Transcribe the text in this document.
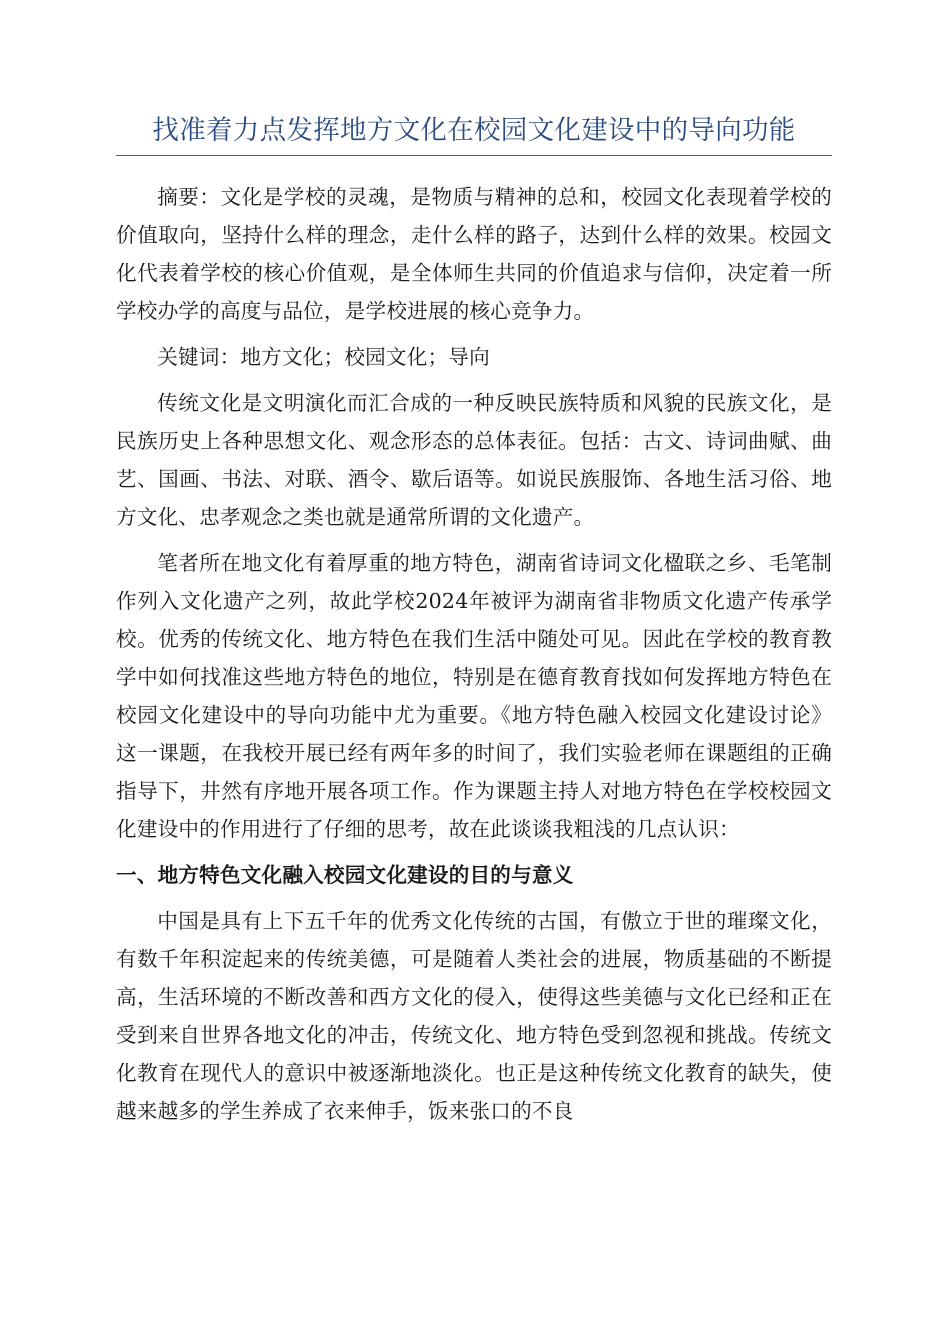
找准着力点发挥地方文化在校园文化建设中的导向功能

摘要：文化是学校的灵魂，是物质与精神的总和，校园文化表现着学校的价值取向，坚持什么样的理念，走什么样的路子，达到什么样的效果。校园文化代表着学校的核心价值观，是全体师生共同的价值追求与信仰，决定着一所学校办学的高度与品位，是学校进展的核心竞争力。

关键词：地方文化；校园文化；导向

传统文化是文明演化而汇合成的一种反映民族特质和风貌的民族文化，是民族历史上各种思想文化、观念形态的总体表征。包括：古文、诗词曲赋、曲艺、国画、书法、对联、酒令、歇后语等。如说民族服饰、各地生活习俗、地方文化、忠孝观念之类也就是通常所谓的文化遗产。

笔者所在地文化有着厚重的地方特色，湖南省诗词文化楹联之乡、毛笔制作列入文化遗产之列，故此学校2024年被评为湖南省非物质文化遗产传承学校。优秀的传统文化、地方特色在我们生活中随处可见。因此在学校的教育教学中如何找准这些地方特色的地位，特别是在德育教育找如何发挥地方特色在校园文化建设中的导向功能中尤为重要。《地方特色融入校园文化建设讨论》这一课题，在我校开展已经有两年多的时间了，我们实验老师在课题组的正确指导下，井然有序地开展各项工作。作为课题主持人对地方特色在学校校园文化建设中的作用进行了仔细的思考，故在此谈谈我粗浅的几点认识：

一、地方特色文化融入校园文化建设的目的与意义

中国是具有上下五千年的优秀文化传统的古国，有傲立于世的璀璨文化，有数千年积淀起来的传统美德，可是随着人类社会的进展，物质基础的不断提高，生活环境的不断改善和西方文化的侵入，使得这些美德与文化已经和正在受到来自世界各地文化的冲击，传统文化、地方特色受到忽视和挑战。传统文化教育在现代人的意识中被逐渐地淡化。也正是这种传统文化教育的缺失，使越来越多的学生养成了衣来伸手，饭来张口的不良
